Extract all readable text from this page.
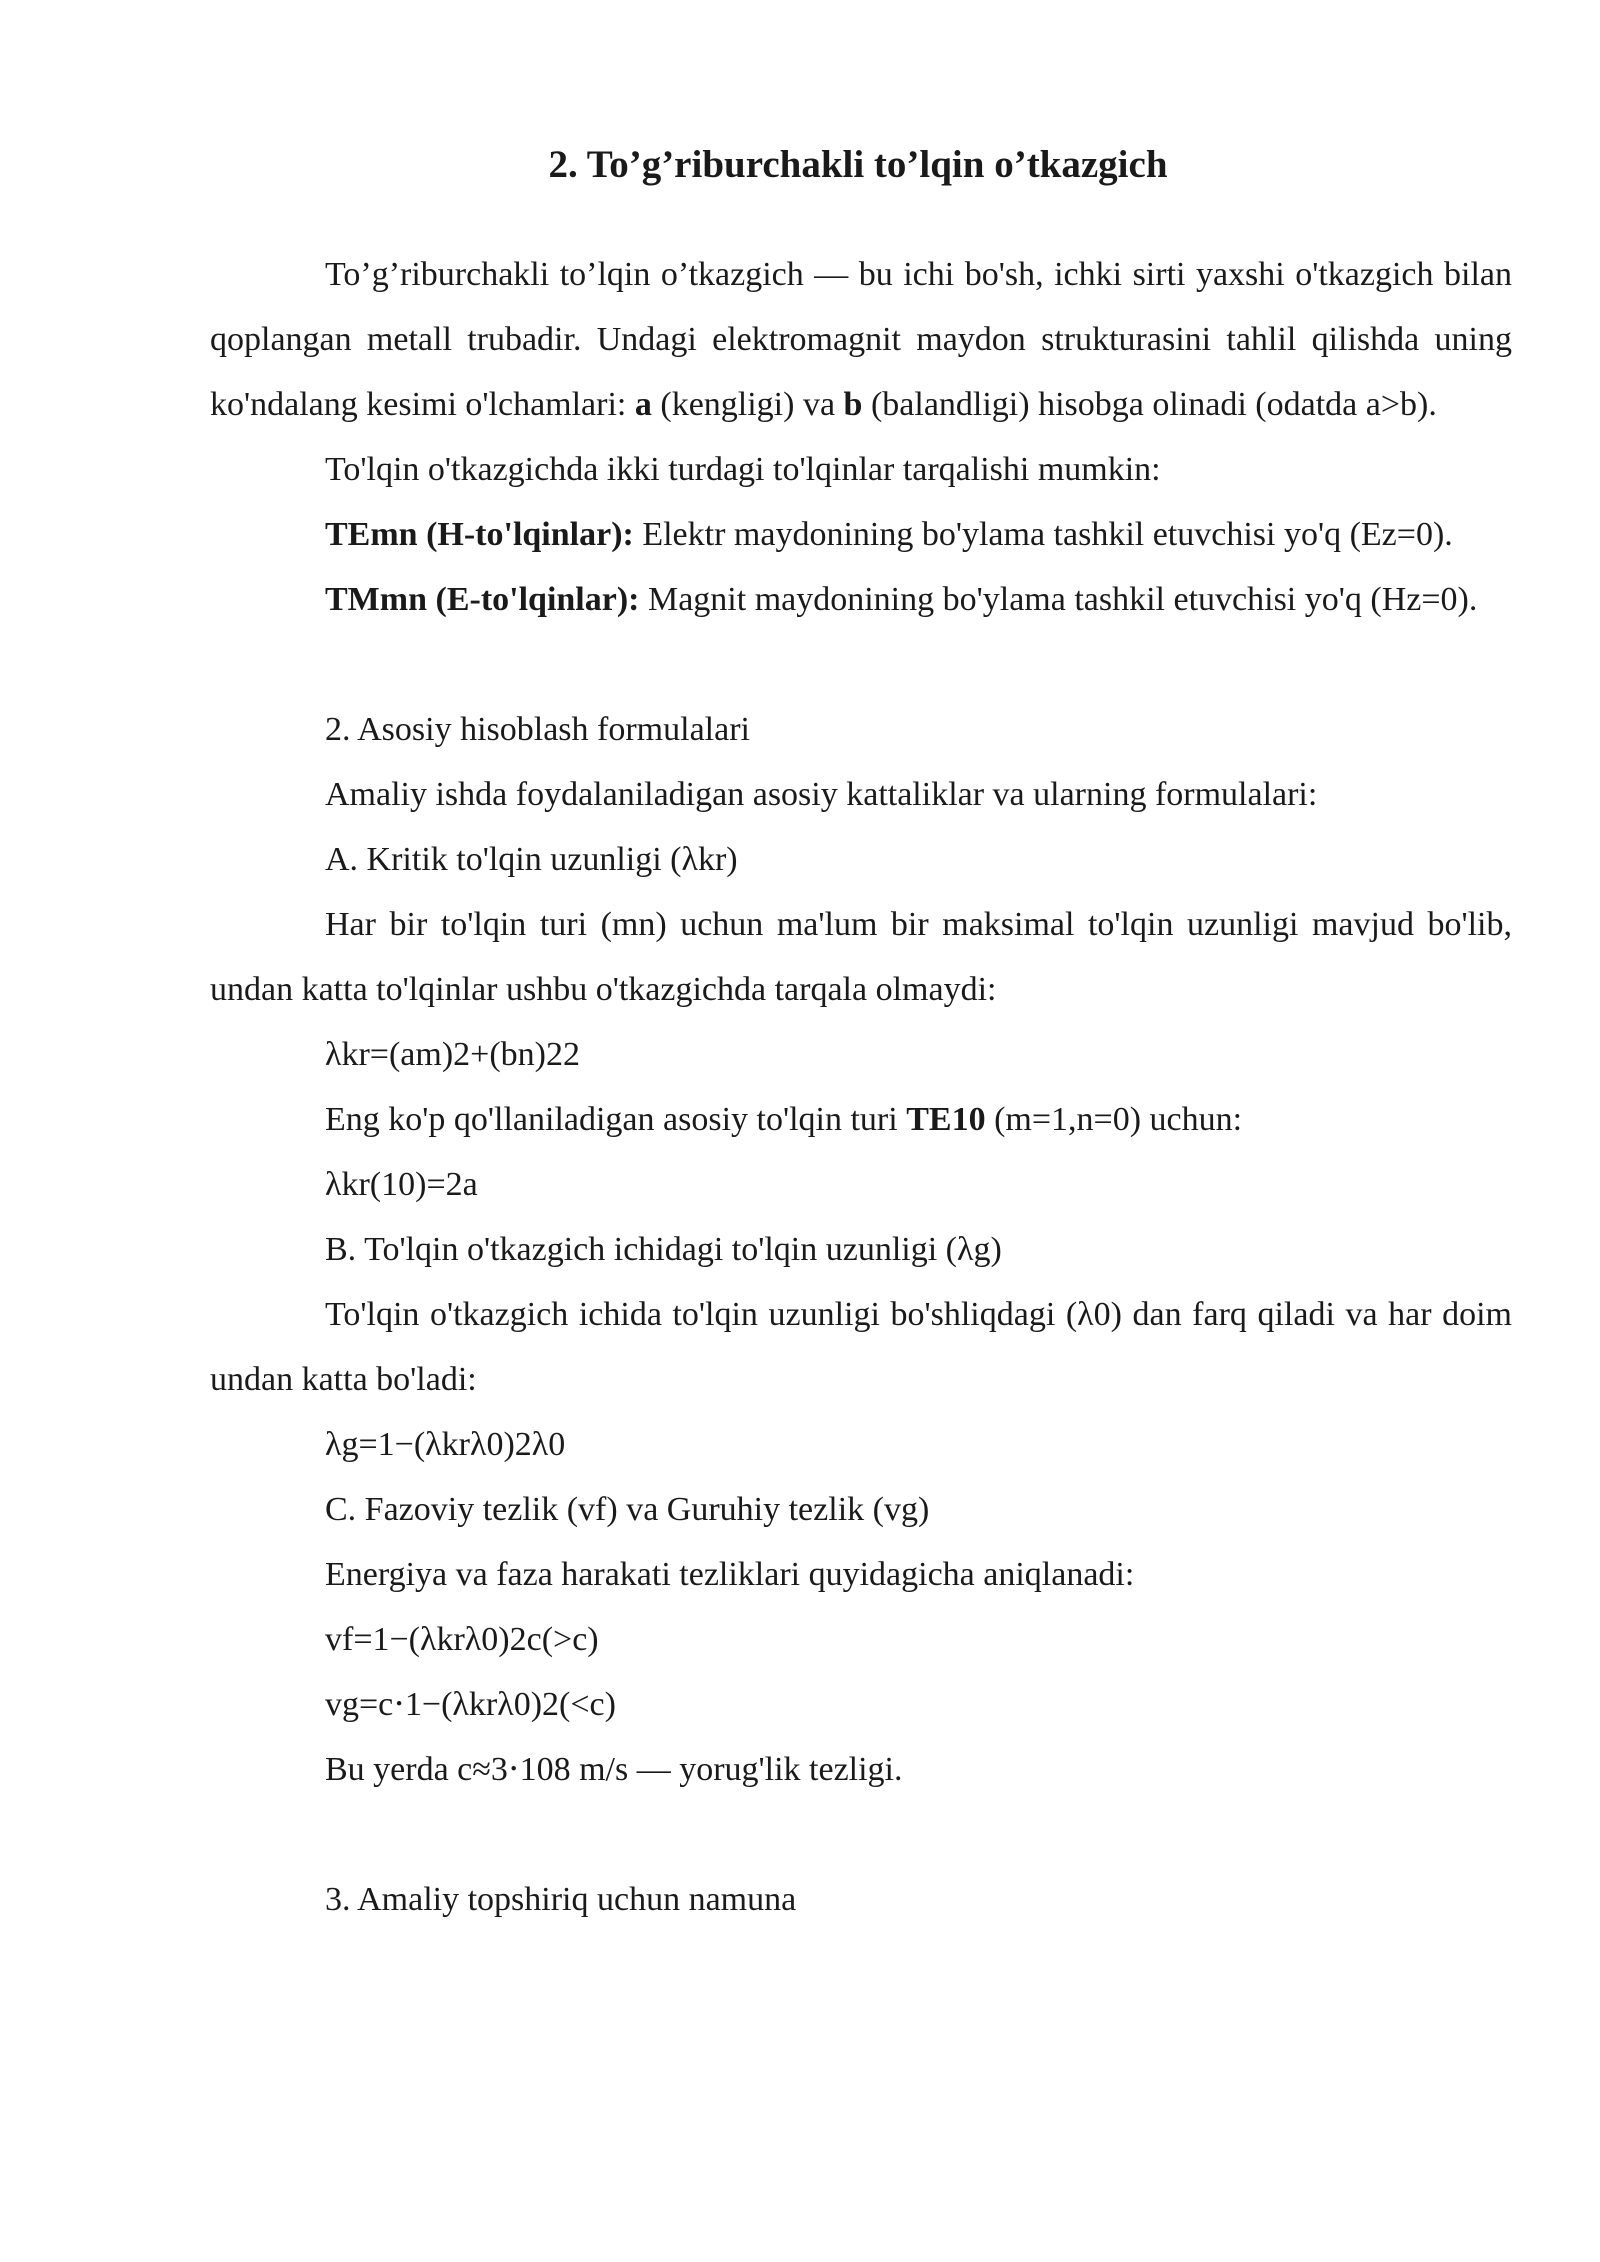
2. To’g’riburchakli to’lqin o’tkazgich

To’g’riburchakli to’lqin o’tkazgich — bu ichi bo'sh, ichki sirti yaxshi o'tkazgich bilan qoplangan metall trubadir. Undagi elektromagnit maydon strukturasini tahlil qilishda uning ko'ndalang kesimi o'lchamlari: a (kengligi) va b (balandligi) hisobga olinadi (odatda a>b).

To'lqin o'tkazgichda ikki turdagi to'lqinlar tarqalishi mumkin:

TEmn (H-to'lqinlar): Elektr maydonining bo'ylama tashkil etuvchisi yo'q (Ez=0).

TMmn (E-to'lqinlar): Magnit maydonining bo'ylama tashkil etuvchisi yo'q (Hz=0).

2. Asosiy hisoblash formulalari

Amaliy ishda foydalaniladigan asosiy kattaliklar va ularning formulalari:

A. Kritik to'lqin uzunligi (λkr)

Har bir to'lqin turi (mn) uchun ma'lum bir maksimal to'lqin uzunligi mavjud bo'lib, undan katta to'lqinlar ushbu o'tkazgichda tarqala olmaydi:

λkr=(am)2+(bn)22

Eng ko'p qo'llaniladigan asosiy to'lqin turi TE10 (m=1,n=0) uchun:

λkr(10)=2a

B. To'lqin o'tkazgich ichidagi to'lqin uzunligi (λg)

To'lqin o'tkazgich ichida to'lqin uzunligi bo'shliqdagi (λ0) dan farq qiladi va har doim undan katta bo'ladi:

λg=1−(λkrλ0)2λ0

C. Fazoviy tezlik (vf) va Guruhiy tezlik (vg)

Energiya va faza harakati tezliklari quyidagicha aniqlanadi:

vf=1−(λkrλ0)2c(>c)

vg=c⋅1−(λkrλ0)2(<c)

Bu yerda c≈3⋅108 m/s — yorug'lik tezligi.

3. Amaliy topshiriq uchun namuna
